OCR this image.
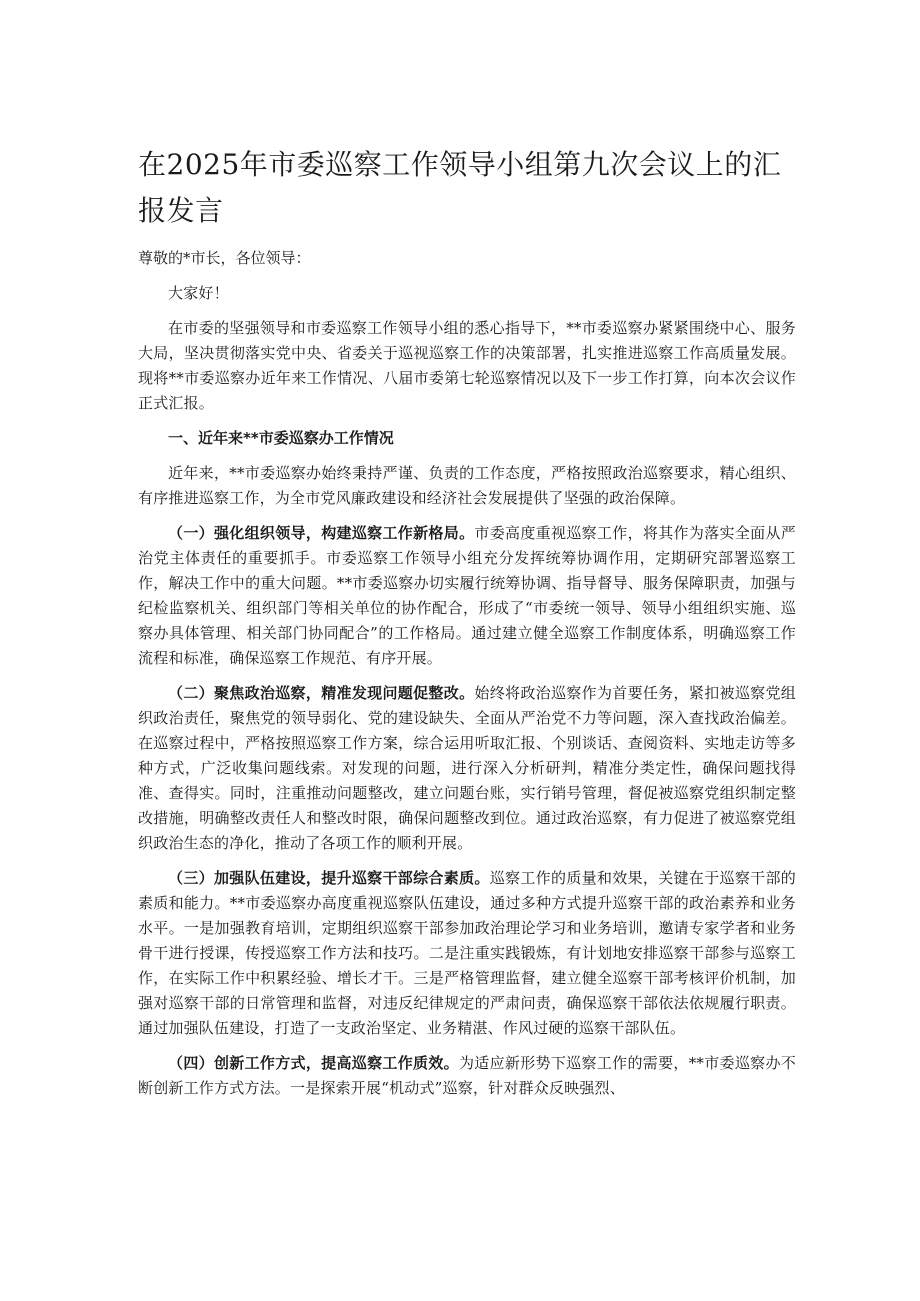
在2025年市委巡察工作领导小组第九次会议上的汇报发言

尊敬的*市长，各位领导：

大家好！

在市委的坚强领导和市委巡察工作领导小组的悉心指导下，**市委巡察办紧紧围绕中心、服务大局，坚决贯彻落实党中央、省委关于巡视巡察工作的决策部署，扎实推进巡察工作高质量发展。现将**市委巡察办近年来工作情况、八届市委第七轮巡察情况以及下一步工作打算，向本次会议作正式汇报。

一、近年来**市委巡察办工作情况

近年来，**市委巡察办始终秉持严谨、负责的工作态度，严格按照政治巡察要求，精心组织、有序推进巡察工作，为全市党风廉政建设和经济社会发展提供了坚强的政治保障。

（一）强化组织领导，构建巡察工作新格局。市委高度重视巡察工作，将其作为落实全面从严治党主体责任的重要抓手。市委巡察工作领导小组充分发挥统筹协调作用，定期研究部署巡察工作，解决工作中的重大问题。**市委巡察办切实履行统筹协调、指导督导、服务保障职责，加强与纪检监察机关、组织部门等相关单位的协作配合，形成了“市委统一领导、领导小组组织实施、巡察办具体管理、相关部门协同配合”的工作格局。通过建立健全巡察工作制度体系，明确巡察工作流程和标准，确保巡察工作规范、有序开展。

（二）聚焦政治巡察，精准发现问题促整改。始终将政治巡察作为首要任务，紧扣被巡察党组织政治责任，聚焦党的领导弱化、党的建设缺失、全面从严治党不力等问题，深入查找政治偏差。在巡察过程中，严格按照巡察工作方案，综合运用听取汇报、个别谈话、查阅资料、实地走访等多种方式，广泛收集问题线索。对发现的问题，进行深入分析研判，精准分类定性，确保问题找得准、查得实。同时，注重推动问题整改，建立问题台账，实行销号管理，督促被巡察党组织制定整改措施，明确整改责任人和整改时限，确保问题整改到位。通过政治巡察，有力促进了被巡察党组织政治生态的净化，推动了各项工作的顺利开展。

（三）加强队伍建设，提升巡察干部综合素质。巡察工作的质量和效果，关键在于巡察干部的素质和能力。**市委巡察办高度重视巡察队伍建设，通过多种方式提升巡察干部的政治素养和业务水平。一是加强教育培训，定期组织巡察干部参加政治理论学习和业务培训，邀请专家学者和业务骨干进行授课，传授巡察工作方法和技巧。二是注重实践锻炼，有计划地安排巡察干部参与巡察工作，在实际工作中积累经验、增长才干。三是严格管理监督，建立健全巡察干部考核评价机制，加强对巡察干部的日常管理和监督，对违反纪律规定的严肃问责，确保巡察干部依法依规履行职责。通过加强队伍建设，打造了一支政治坚定、业务精湛、作风过硬的巡察干部队伍。

（四）创新工作方式，提高巡察工作质效。为适应新形势下巡察工作的需要，**市委巡察办不断创新工作方式方法。一是探索开展“机动式”巡察，针对群众反映强烈、
